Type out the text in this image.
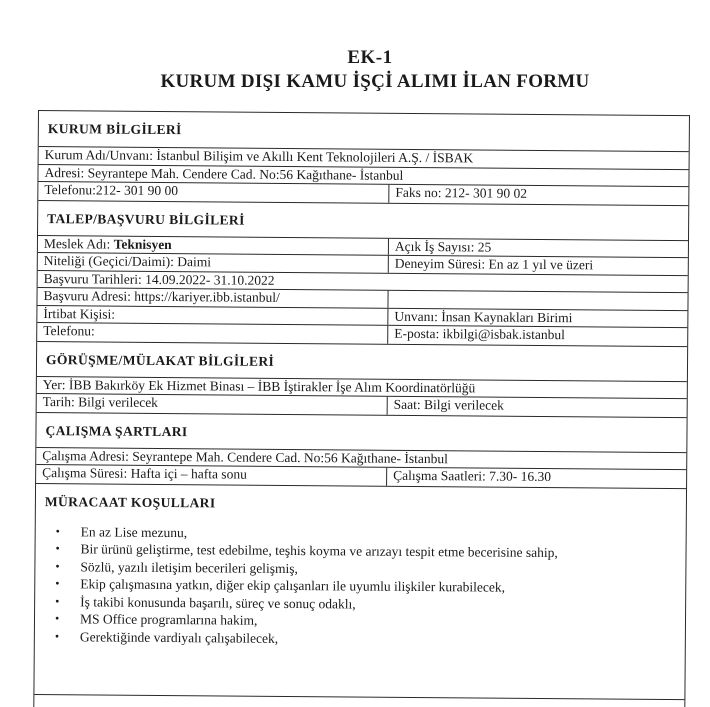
EK-1
KURUM DIŞI KAMU İŞÇİ ALIMI İLAN FORMU
KURUM BİLGİLERİ
Kurum Adı/Unvanı: İstanbul Bilişim ve Akıllı Kent Teknolojileri A.Ş. / İSBAK
Adresi: Seyrantepe Mah. Cendere Cad. No:56 Kağıthane- İstanbul
Telefonu:212- 301 90 00	Faks no: 212- 301 90 02
TALEP/BAŞVURU BİLGİLERİ
Meslek Adı: Teknisyen	Açık İş Sayısı: 25
Niteliği (Geçici/Daimi): Daimi	Deneyim Süresi: En az 1 yıl ve üzeri
Başvuru Tarihleri: 14.09.2022- 31.10.2022
Başvuru Adresi: https://kariyer.ibb.istanbul/
İrtibat Kişisi:	Unvanı: İnsan Kaynakları Birimi
Telefonu:	E-posta: ikbilgi@isbak.istanbul
GÖRÜŞME/MÜLAKAT BİLGİLERİ
Yer: İBB Bakırköy Ek Hizmet Binası – İBB İştirakler İşe Alım Koordinatörlüğü
Tarih: Bilgi verilecek	Saat: Bilgi verilecek
ÇALIŞMA ŞARTLARI
Çalışma Adresi: Seyrantepe Mah. Cendere Cad. No:56 Kağıthane- İstanbul
Çalışma Süresi: Hafta içi – hafta sonu	Çalışma Saatleri: 7.30- 16.30
MÜRACAAT KOŞULLARI
•	En az Lise mezunu,
•	Bir ürünü geliştirme, test edebilme, teşhis koyma ve arızayı tespit etme becerisine sahip,
•	Sözlü, yazılı iletişim becerileri gelişmiş,
•	Ekip çalışmasına yatkın, diğer ekip çalışanları ile uyumlu ilişkiler kurabilecek,
•	İş takibi konusunda başarılı, süreç ve sonuç odaklı,
•	MS Office programlarına hakim,
•	Gerektiğinde vardiyalı çalışabilecek,
